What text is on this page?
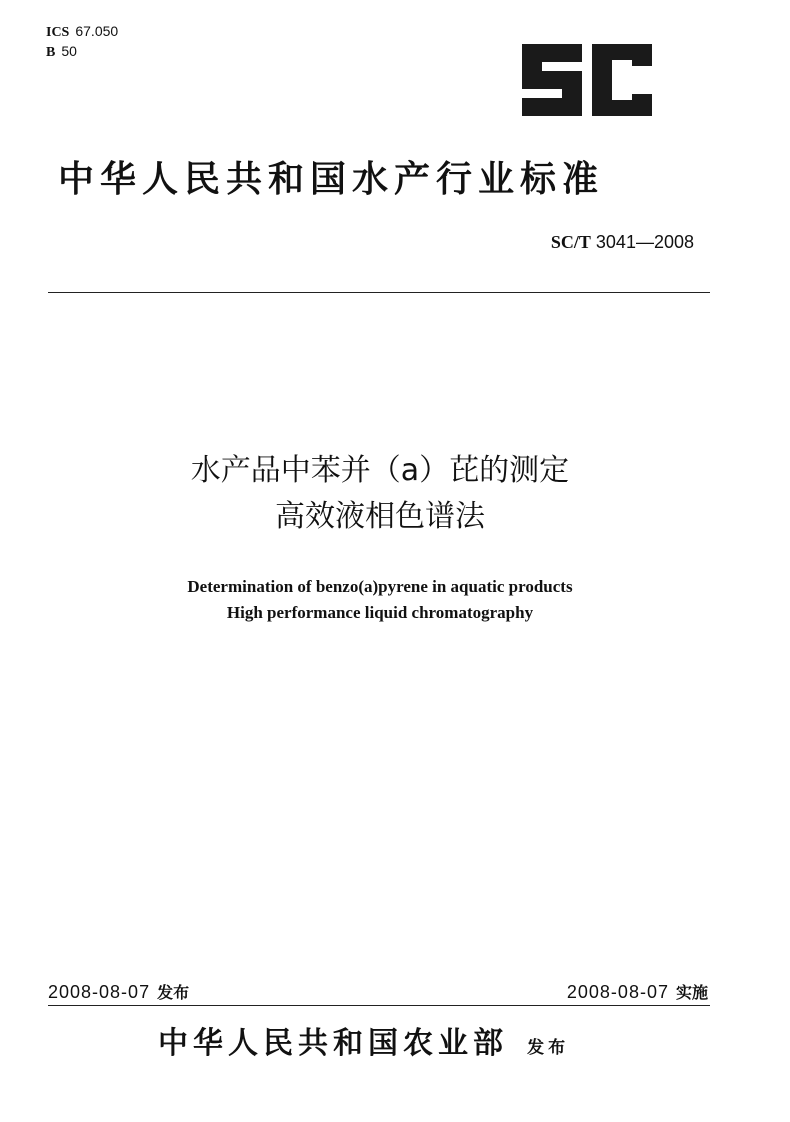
ICS 67.050
B 50
中华人民共和国水产行业标准
SC/T 3041—2008
水产品中苯并（a）芘的测定
高效液相色谱法
Determination of benzo(a)pyrene in aquatic products
High performance liquid chromatography
2008-08-07 发布	2008-08-07 实施
中华人民共和国农业部 发布
